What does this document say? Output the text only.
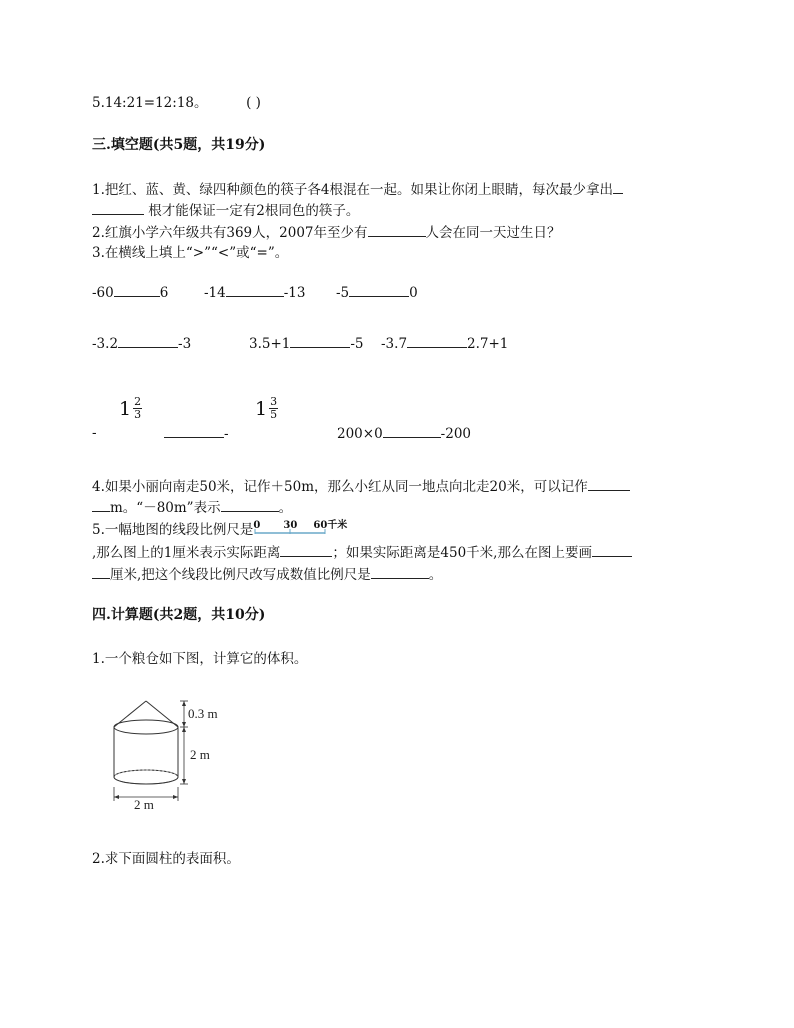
5.14:21=12:18。	( )
三.填空题(共5题，共19分)
1.把红、蓝、黄、绿四种颜色的筷子各4根混在一起。如果让你闭上眼睛，每次最少拿出
根才能保证一定有2根同色的筷子。
2.红旗小学六年级共有369人，2007年至少有	人会在同一天过生日？
3.在横线上填上“>”“<”或“=”。
-60	6	-14	-13 -5	0
-3.2	-3	3.5+1	-5 -3.7	2.7+1
$1 \frac{2}{3}$	$1 \frac{3}{5}$
-	-	200×0	-200
4.如果小丽向南走50米，记作＋50m，那么小红从同一地点向北走20米，可以记作
m。“－80m”表示	。
5.一幅地图的线段比例尺是 0 30 60千米
,那么图上的1厘米表示实际距离	；如果实际距离是450千米,那么在图上要画
厘米,把这个线段比例尺改写成数值比例尺是	。
四.计算题(共2题，共10分)
1.一个粮仓如下图，计算它的体积。
0.3 m
2 m
2 m
2.求下面圆柱的表面积。
